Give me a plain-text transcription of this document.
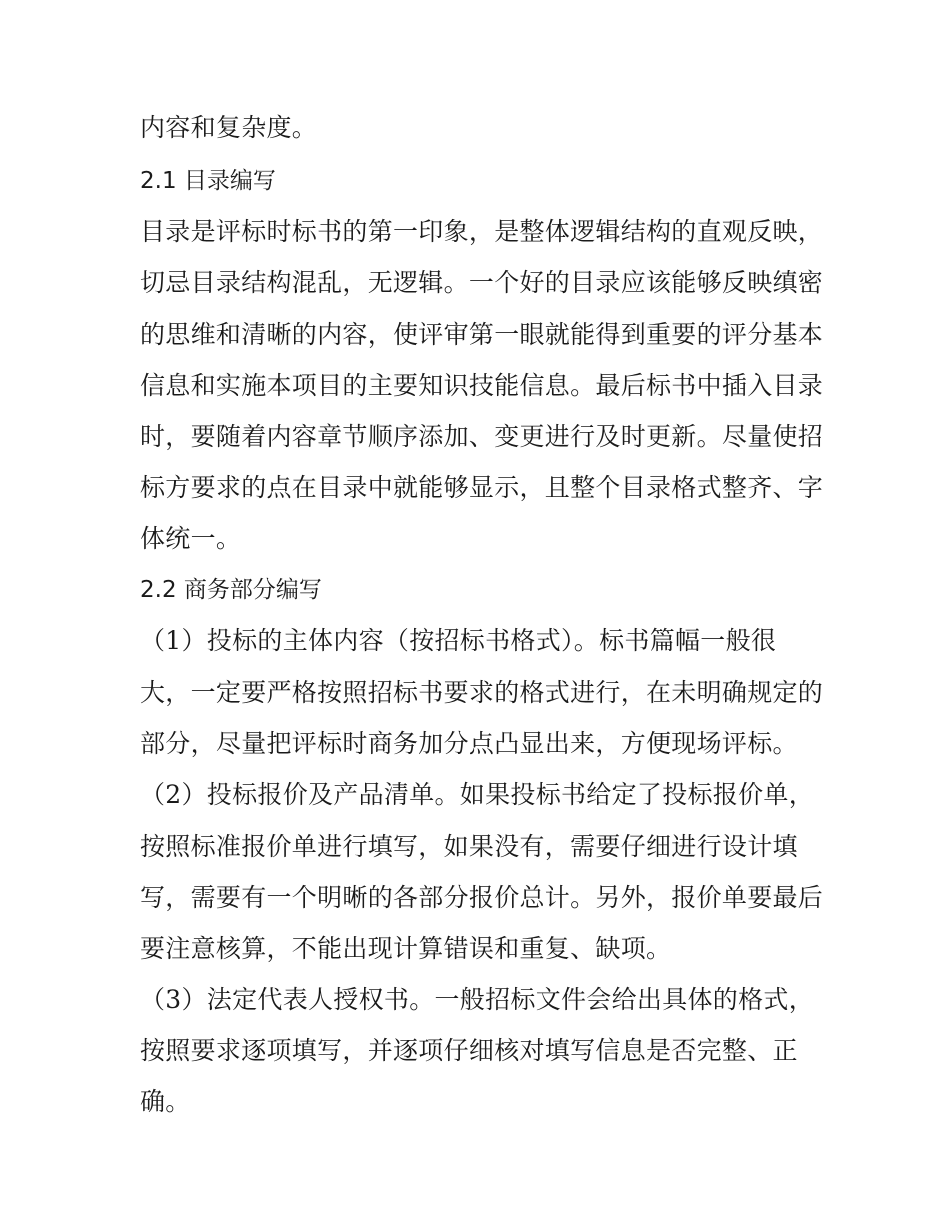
内容和复杂度。
2.1 目录编写
目录是评标时标书的第一印象，是整体逻辑结构的直观反映，
切忌目录结构混乱，无逻辑。一个好的目录应该能够反映缜密
的思维和清晰的内容，使评审第一眼就能得到重要的评分基本
信息和实施本项目的主要知识技能信息。最后标书中插入目录
时，要随着内容章节顺序添加、变更进行及时更新。尽量使招
标方要求的点在目录中就能够显示，且整个目录格式整齐、字
体统一。
2.2 商务部分编写
（1）投标的主体内容（按招标书格式）。标书篇幅一般很
大，一定要严格按照招标书要求的格式进行，在未明确规定的
部分，尽量把评标时商务加分点凸显出来，方便现场评标。
（2）投标报价及产品清单。如果投标书给定了投标报价单，
按照标准报价单进行填写，如果没有，需要仔细进行设计填
写，需要有一个明晰的各部分报价总计。另外，报价单要最后
要注意核算，不能出现计算错误和重复、缺项。
（3）法定代表人授权书。一般招标文件会给出具体的格式，
按照要求逐项填写，并逐项仔细核对填写信息是否完整、正
确。
